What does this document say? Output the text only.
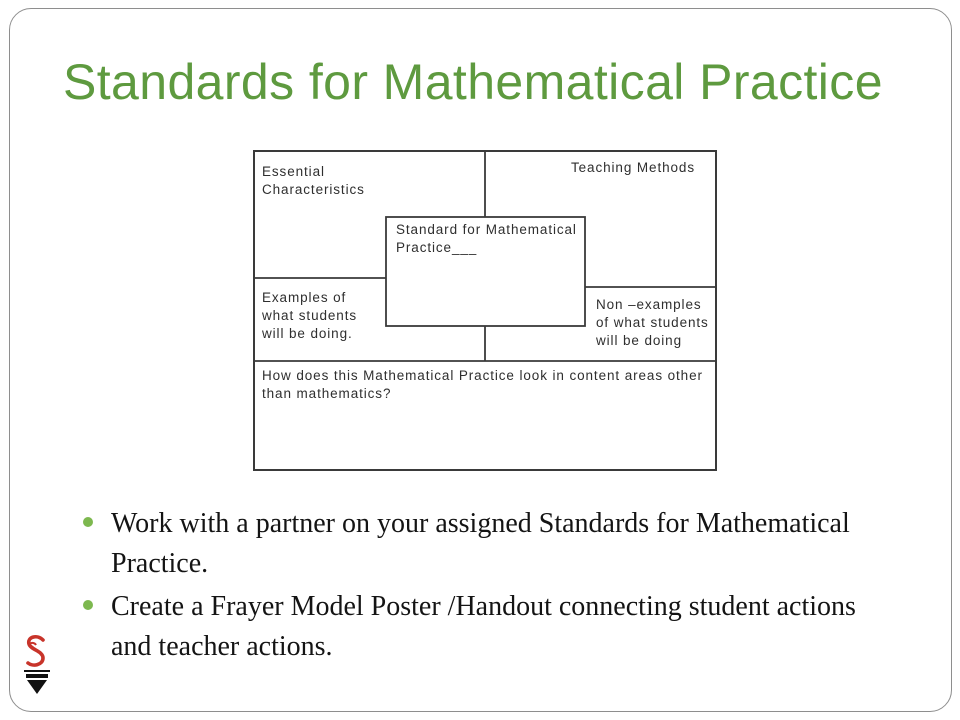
Standards for Mathematical Practice
Essential
Characteristics
Teaching Methods
Standard for Mathematical
Practice___
Examples of
what students
will be doing.
Non –examples
of what students
will be doing
How does this Mathematical Practice look in content areas other
than mathematics?
Work with a partner on your assigned Standards for Mathematical Practice.
Create a Frayer Model Poster /Handout connecting student actions and teacher actions.
